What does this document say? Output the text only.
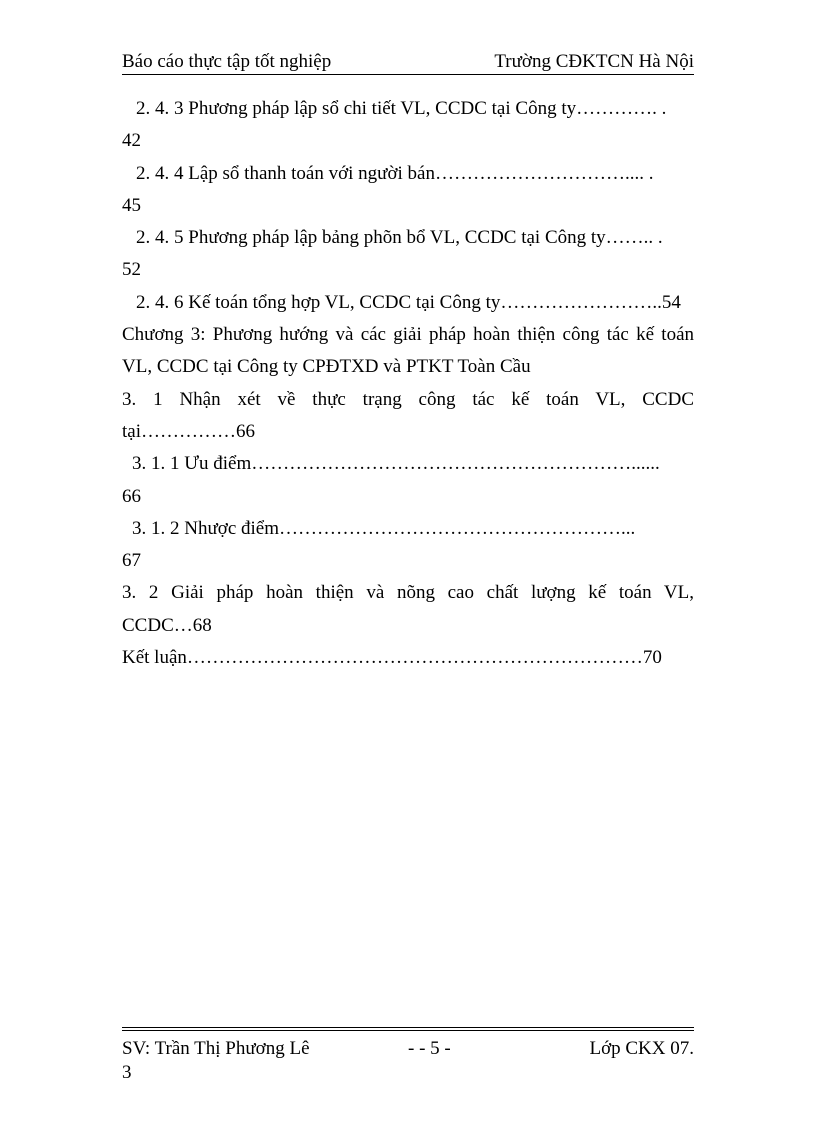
Báo cáo thực tập tốt nghiệp	Trường CĐKTCN Hà Nội
2. 4. 3 Phương pháp lập sổ chi tiết VL, CCDC tại Công ty…………. .
42
2. 4. 4 Lập sổ thanh toán với người bán………………………….... .
45
2. 4. 5 Phương pháp lập bảng phõn bổ VL, CCDC tại Công ty…….. .
52
2. 4. 6 Kế toán tổng hợp VL, CCDC tại Công ty……………………..54
Chương 3: Phương hướng và các giải pháp hoàn thiện công tác kế toán
VL, CCDC tại Công ty CPĐTXD và PTKT Toàn Cầu
3. 1 Nhận xét về thực trạng công tác kế toán VL, CCDC
tại……………66
3. 1. 1 Ưu điểm……………………………………………………......
66
3. 1. 2 Nhược điểm………………………………………………...
67
3. 2 Giải pháp hoàn thiện và nõng cao chất lượng kế toán VL,
CCDC…68
Kết luận………………………………………………………………70
SV: Trần Thị Phương Lê	- - 5 -	Lớp CKX 07.
3
